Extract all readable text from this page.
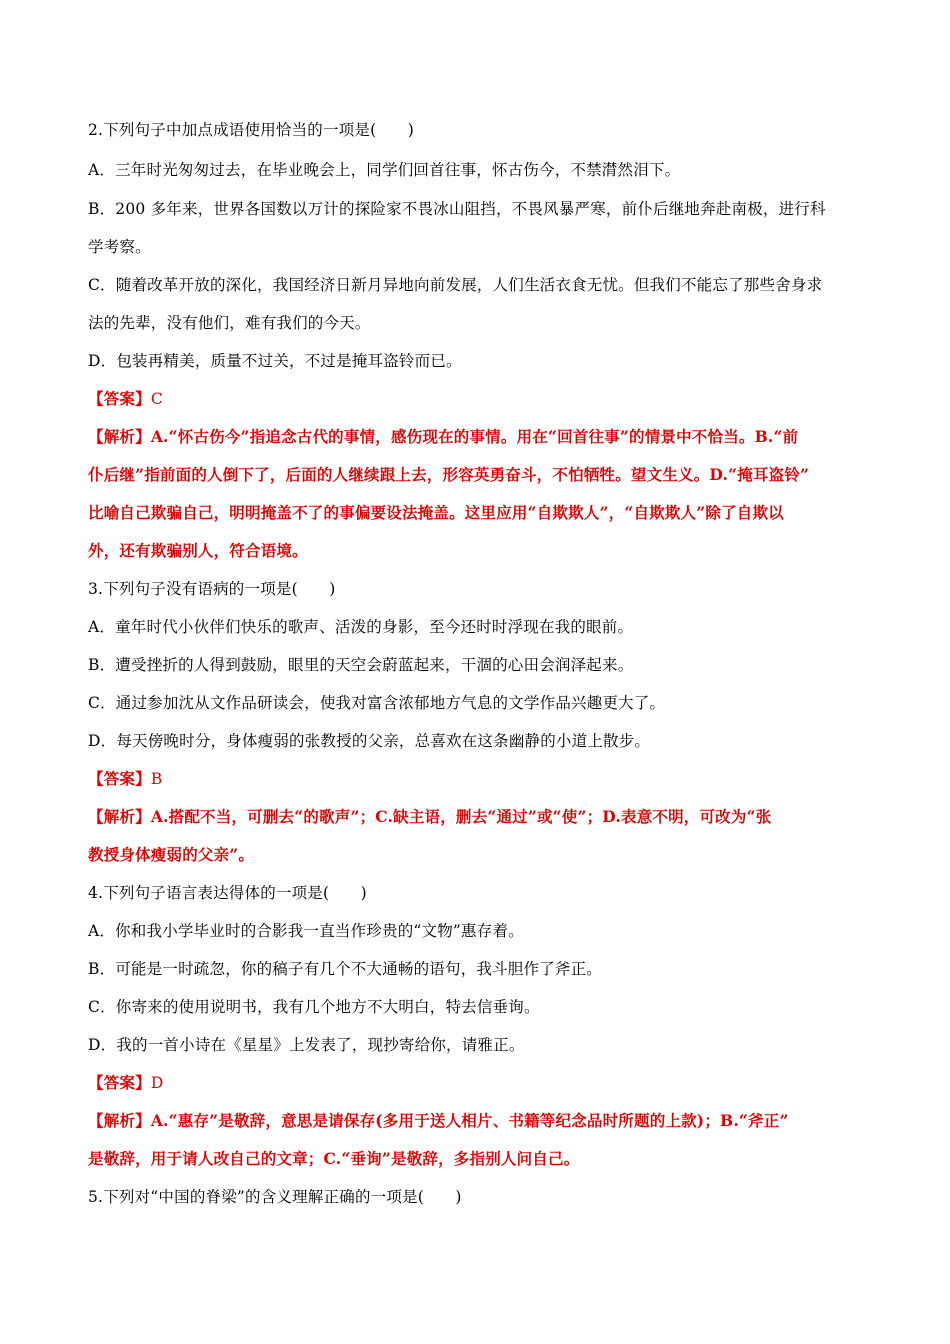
2.下列句子中加点成语使用恰当的一项是(　　)
A．三年时光匆匆过去，在毕业晚会上，同学们回首往事，怀古伤今，不禁潸然泪下。
B．200 多年来，世界各国数以万计的探险家不畏冰山阻挡，不畏风暴严寒，前仆后继地奔赴南极，进行科
学考察。
C．随着改革开放的深化，我国经济日新月异地向前发展，人们生活衣食无忧。但我们不能忘了那些舍身求
法的先辈，没有他们，难有我们的今天。
D．包装再精美，质量不过关，不过是掩耳盗铃而已。
【答案】C
【解析】A.“怀古伤今”指追念古代的事情，感伤现在的事情。用在“回首往事”的情景中不恰当。B.“前
仆后继”指前面的人倒下了，后面的人继续跟上去，形容英勇奋斗，不怕牺牲。望文生义。D.“掩耳盗铃”
比喻自己欺骗自己，明明掩盖不了的事偏要设法掩盖。这里应用“自欺欺人”，“自欺欺人”除了自欺以
外，还有欺骗别人，符合语境。
3.下列句子没有语病的一项是(　　)
A．童年时代小伙伴们快乐的歌声、活泼的身影，至今还时时浮现在我的眼前。
B．遭受挫折的人得到鼓励，眼里的天空会蔚蓝起来，干涸的心田会润泽起来。
C．通过参加沈从文作品研读会，使我对富含浓郁地方气息的文学作品兴趣更大了。
D．每天傍晚时分，身体瘦弱的张教授的父亲，总喜欢在这条幽静的小道上散步。
【答案】B
【解析】A.搭配不当，可删去“的歌声”；C.缺主语，删去“通过”或“使”；D.表意不明，可改为“张
教授身体瘦弱的父亲”。
4.下列句子语言表达得体的一项是(　　)
A．你和我小学毕业时的合影我一直当作珍贵的“文物”惠存着。
B．可能是一时疏忽，你的稿子有几个不大通畅的语句，我斗胆作了斧正。
C．你寄来的使用说明书，我有几个地方不大明白，特去信垂询。
D．我的一首小诗在《星星》上发表了，现抄寄给你，请雅正。
【答案】D
【解析】A.“惠存”是敬辞，意思是请保存(多用于送人相片、书籍等纪念品时所题的上款)；B.“斧正”
是敬辞，用于请人改自己的文章；C.“垂询”是敬辞，多指别人问自己。
5.下列对“中国的脊梁”的含义理解正确的一项是(　　)
